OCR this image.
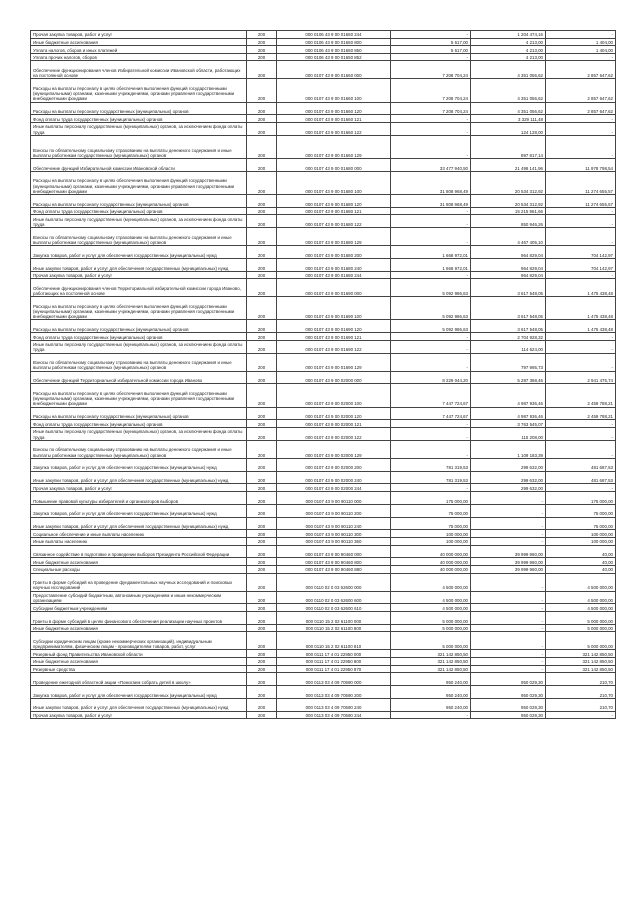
Прочая закупка товаров, работ и услуг	200	000 0106 43 9 00 01650 244	-	1 204 474,16	-
Иные бюджетные ассигнования	200	000 0106 43 9 00 01650 800	5 617,00	4 213,00	1 404,00
Уплата налогов, сборов и иных платежей	200	000 0106 43 9 00 01650 850	5 617,00	4 213,00	1 404,00
Уплата прочих налогов, сборов	200	000 0106 43 9 00 01650 852	-	4 213,00	-
Обеспечение функционирования членов Избирательной комиссии Ивановской области, работающих на постоянной основе	200	000 0107 43 9 00 01660 000	7 208 704,24	4 351 056,62	2 857 647,62
Расходы на выплаты персоналу в целях обеспечения выполнения функций государственными (муниципальными) органами, казенными учреждениями, органами управления государственными внебюджетными фондами	200	000 0107 43 9 00 01660 100	7 208 704,24	4 351 056,62	2 857 647,62
Расходы на выплаты персоналу государственных (муниципальных) органов	200	000 0107 43 9 00 01660 120	7 208 704,24	4 351 056,62	2 857 647,62
Фонд оплаты труда государственных (муниципальных) органов	200	000 0107 43 9 00 01660 121	-	3 329 111,48	-
Иные выплаты персоналу государственных (муниципальных) органов, за исключением фонда оплаты труда	200	000 0107 43 9 00 01660 122	-	124 128,00	-
Взносы по обязательному социальному страхованию на выплаты денежного содержания и иные выплаты работникам государственных (муниципальных) органов	200	000 0107 43 9 00 01660 129	-	897 817,14	-
Обеспечение функций Избирательной комиссии Ивановской области	200	000 0107 43 9 00 01680 000	33 477 940,50	21 499 141,96	11 978 798,54
Расходы на выплаты персоналу в целях обеспечения выполнения функций государственными (муниципальными) органами, казенными учреждениями, органами управления государственными внебюджетными фондами	200	000 0107 43 9 00 01680 100	31 808 968,49	20 534 312,92	11 274 655,57
Расходы на выплаты персоналу государственных (муниципальных) органов	200	000 0107 43 9 00 01680 120	31 808 968,49	20 534 312,92	11 274 655,57
Фонд оплаты труда государственных (муниципальных) органов	200	000 0107 43 9 00 01680 121	-	15 215 961,66	-
Иные выплаты персоналу государственных (муниципальных) органов, за исключением фонда оплаты труда	200	000 0107 43 9 00 01680 122	-	850 946,26	-
Взносы по обязательному социальному страхованию на выплаты денежного содержания и иные выплаты работникам государственных (муниципальных) органов	200	000 0107 43 9 00 01680 129	-	4 467 405,10	-
Закупка товаров, работ и услуг для обеспечения государственных (муниципальных) нужд	200	000 0107 43 9 00 01680 200	1 668 972,01	964 829,04	704 142,97
Иные закупки товаров, работ и услуг для обеспечения государственных (муниципальных) нужд	200	000 0107 43 9 00 01680 240	1 668 972,01	964 829,04	704 142,97
Прочая закупка товаров, работ и услуг	200	000 0107 43 9 00 01680 244	-	964 829,04	-
Обеспечение функционирования членов Территориальной избирательной комиссии города Иваново, работающих на постоянной основе	200	000 0107 43 9 00 01690 000	5 092 986,63	3 617 548,05	1 475 438,48
Расходы на выплаты персоналу в целях обеспечения выполнения функций государственными (муниципальными) органами, казенными учреждениями, органами управления государственными внебюджетными фондами	200	000 0107 43 9 00 01690 100	5 092 986,63	3 617 548,05	1 475 438,48
Расходы на выплаты персоналу государственных (муниципальных) органов	200	000 0107 43 9 00 01690 120	5 092 986,63	3 617 548,05	1 475 438,48
Фонд оплаты труда государственных (муниципальных) органов	200	000 0107 43 9 00 01690 121	-	2 704 928,32	-
Иные выплаты персоналу государственных (муниципальных) органов, за исключением фонда оплаты труда	200	000 0107 43 9 00 01690 122	-	114 624,00	-
Взносы по обязательному социальному страхованию на выплаты денежного содержания и иные выплаты работникам государственных (муниципальных) органов	200	000 0107 43 9 00 01690 129	-	797 995,73	-
Обеспечение функций Территориальной избирательной комиссии города Иваново	200	000 0107 43 9 00 02000 000	8 229 044,20	5 287 368,46	2 941 475,74
Расходы на выплаты персоналу в целях обеспечения выполнения функций государственными (муниципальными) органами, казенными учреждениями, органами управления государственными внебюджетными фондами	200	000 0107 43 9 00 02000 100	7 447 724,67	4 987 936,46	2 459 788,21
Расходы на выплаты персоналу государственных (муниципальных) органов	200	000 0107 43 9 00 02000 120	7 447 724,67	4 987 936,46	2 459 788,21
Фонд оплаты труда государственных (муниципальных) органов	200	000 0107 43 9 00 02000 121	-	3 763 545,07	-
Иные выплаты персоналу государственных (муниципальных) органов, за исключением фонда оплаты труда	200	000 0107 43 9 00 02000 122	-	115 208,00	-
Взносы по обязательному социальному страхованию на выплаты денежного содержания и иные выплаты работникам государственных (муниципальных) органов	200	000 0107 43 9 00 02000 129	-	1 109 183,39	-
Закупка товаров, работ и услуг для обеспечения государственных (муниципальных) нужд	200	000 0107 43 9 00 02000 200	781 319,53	299 632,00	481 687,53
Иные закупки товаров, работ и услуг для обеспечения государственных (муниципальных) нужд	200	000 0107 43 9 00 02000 240	781 319,53	299 632,00	481 687,53
Прочая закупка товаров, работ и услуг	200	000 0107 43 9 00 02000 244	-	299 632,00	-
Повышение правовой культуры избирателей и организаторов выборов	200	000 0107 43 9 00 90110 000	175 000,00	-	175 000,00
Закупка товаров, работ и услуг для обеспечения государственных (муниципальных) нужд	200	000 0107 43 9 00 90110 200	75 000,00	-	75 000,00
Иные закупки товаров, работ и услуг для обеспечения государственных (муниципальных) нужд	200	000 0107 43 9 00 90110 240	75 000,00	-	75 000,00
Социальное обеспечение и иные выплаты населению	200	000 0107 43 9 00 90110 300	100 000,00	-	100 000,00
Иные выплаты населению	200	000 0107 43 9 00 90110 360	100 000,00	-	100 000,00
Связанное содействие в подготовке и проведении выборов Президента Российской Федерации	200	000 0107 43 9 00 90460 000	40 000 000,00	39 999 960,00	40,00
Иные бюджетные ассигнования	200	000 0107 43 9 00 90460 800	40 000 000,00	39 999 960,00	40,00
Специальные расходы	200	000 0107 43 9 00 90460 880	40 000 000,00	39 999 960,00	40,00
Гранты в форме субсидий на проведение фундаментальных научных исследований и поисковых научных исследований	200	000 0110 02 0 03 62600 000	4 500 000,00	-	4 500 000,00
Предоставление субсидий бюджетным, автономным учреждениям и иным некоммерческим организациям	200	000 0110 02 0 03 62600 600	4 500 000,00	-	4 500 000,00
Субсидии бюджетным учреждениям	200	000 0110 02 0 03 62600 610	4 500 000,00	-	4 500 000,00
Гранты в форме субсидий в целях финансового обеспечения реализации научных проектов	200	000 0110 15 2 02 61100 000	5 000 000,00	-	5 000 000,00
Иные бюджетные ассигнования	200	000 0110 15 2 02 61100 800	5 000 000,00	-	5 000 000,00
Субсидии юридическим лицам (кроме некоммерческих организаций), индивидуальным предпринимателям, физическим лицам - производителям товаров, работ, услуг	200	000 0110 15 2 02 61100 810	5 000 000,00	-	5 000 000,00
Резервный фонд Правительства Ивановской области	200	000 0111 17 4 01 22950 000	321 142 850,50	-	321 142 850,50
Иные бюджетные ассигнования	200	000 0111 17 4 01 22950 800	321 142 850,50	-	321 142 850,50
Резервные средства	200	000 0111 17 4 01 22950 870	321 142 850,50	-	321 142 850,50
Проведение ежегодной областной акции «Помогаем собрать детей в школу»	200	000 0113 03 4 09 70590 000	950 240,00	950 029,30	210,70
Закупка товаров, работ и услуг для обеспечения государственных (муниципальных) нужд	200	000 0113 03 4 09 70590 200	950 240,00	950 029,30	210,70
Иные закупки товаров, работ и услуг для обеспечения государственных (муниципальных) нужд	200	000 0113 03 4 09 70590 240	950 240,00	950 029,30	210,70
Прочая закупка товаров, работ и услуг	200	000 0113 03 4 09 70590 244	-	950 029,30	-
